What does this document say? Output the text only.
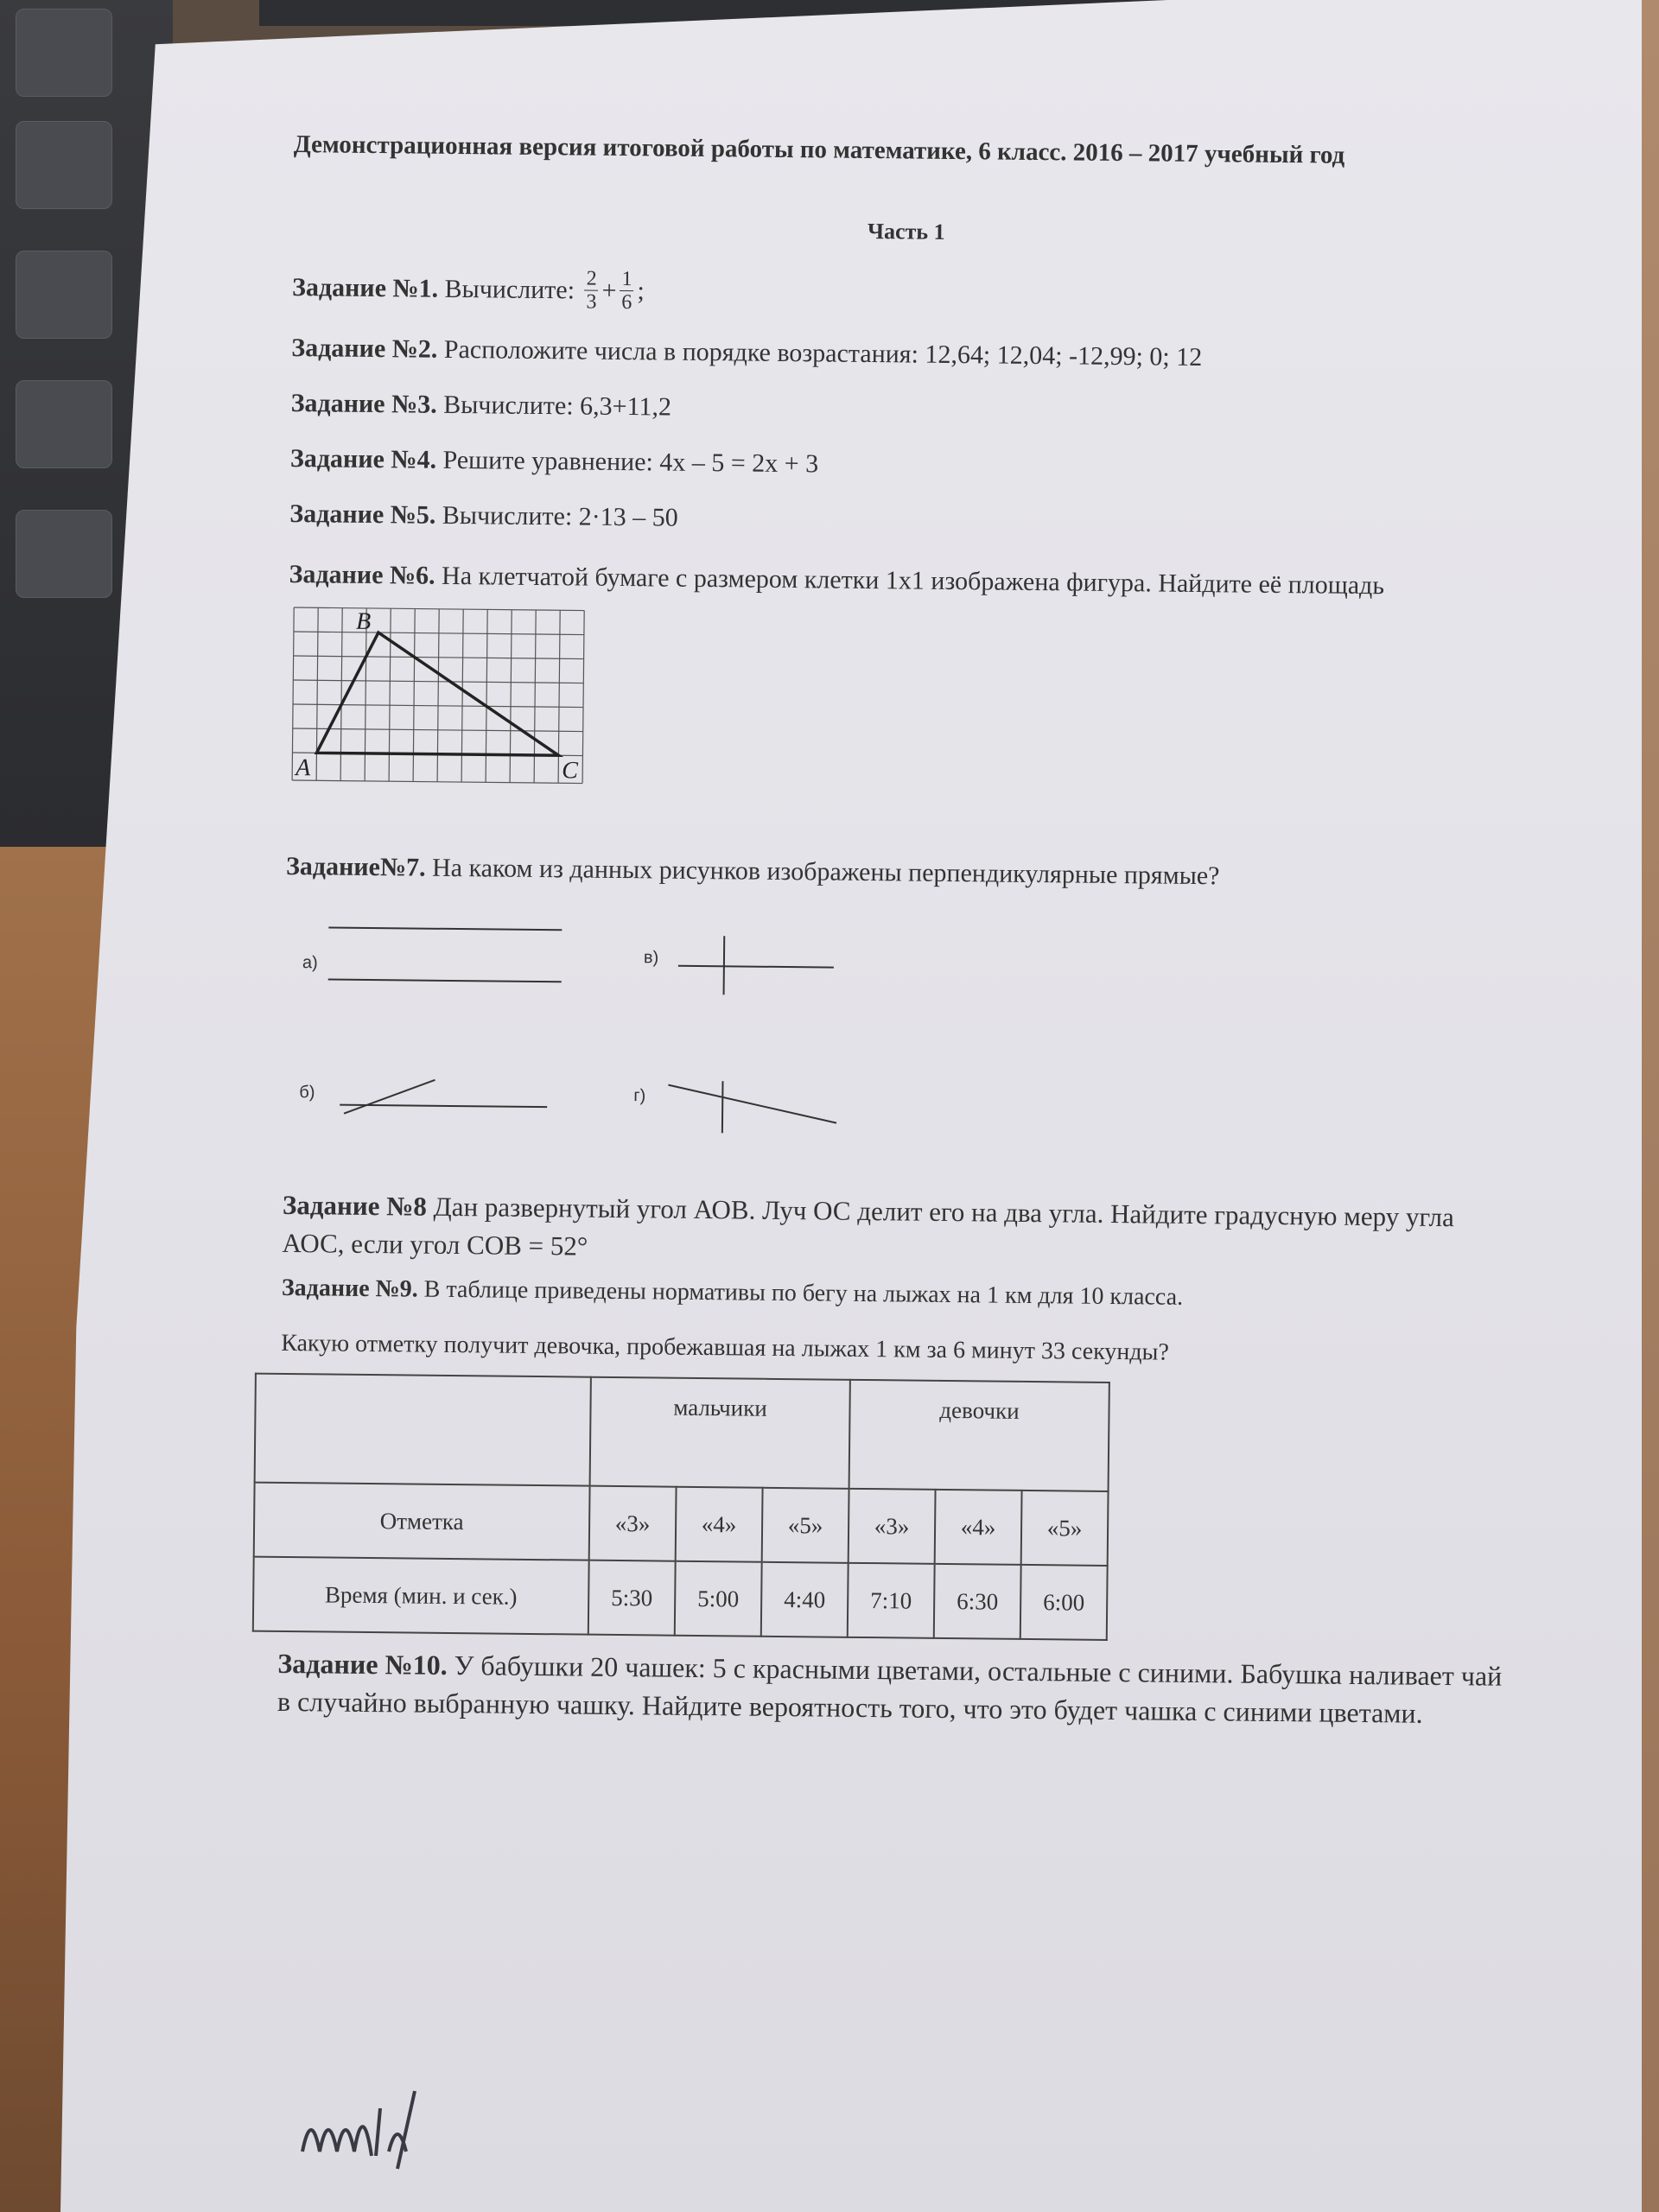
Демонстрационная версия итоговой работы по математике, 6 класс. 2016 – 2017 учебный год

Часть 1
Задание №1.
Вычислите:
$\frac{2}{3} + \frac{1}{6}$ ;

Задание №2. Расположите числа в порядке возрастания: 12,64; 12,04; -12,99; 0; 12

Задание №3. Вычислите: 6,3+11,2

Задание №4. Решите уравнение: 4x – 5 = 2x + 3

Задание №5. Вычислите: 2·13 – 50

Задание №6. На клетчатой бумаге с размером клетки 1x1 изображена фигура. Найдите её площадь

A
B
C

Задание№7. На каком из данных рисунков изображены перпендикулярные прямые?

а)
б)
в)
г)

Задание №8 Дан развернутый угол АОВ. Луч ОС делит его на два угла. Найдите градусную меру угла АОС, если угол СОВ = 52°

Задание №9. В таблице приведены нормативы по бегу на лыжах на 1 км для 10 класса.

Какую отметку получит девочка, пробежавшая на лыжах 1 км за 6 минут 33 секунды?

	мальчики			девочки		
Отметка	«3»	«4»	«5»	«3»	«4»	«5»
Время (мин. и сек.)	5:30	5:00	4:40	7:10	6:30	6:00

Задание №10. У бабушки 20 чашек: 5 с красными цветами, остальные с синими. Бабушка наливает чай в случайно выбранную чашку. Найдите вероятность того, что это будет чашка с синими цветами.
